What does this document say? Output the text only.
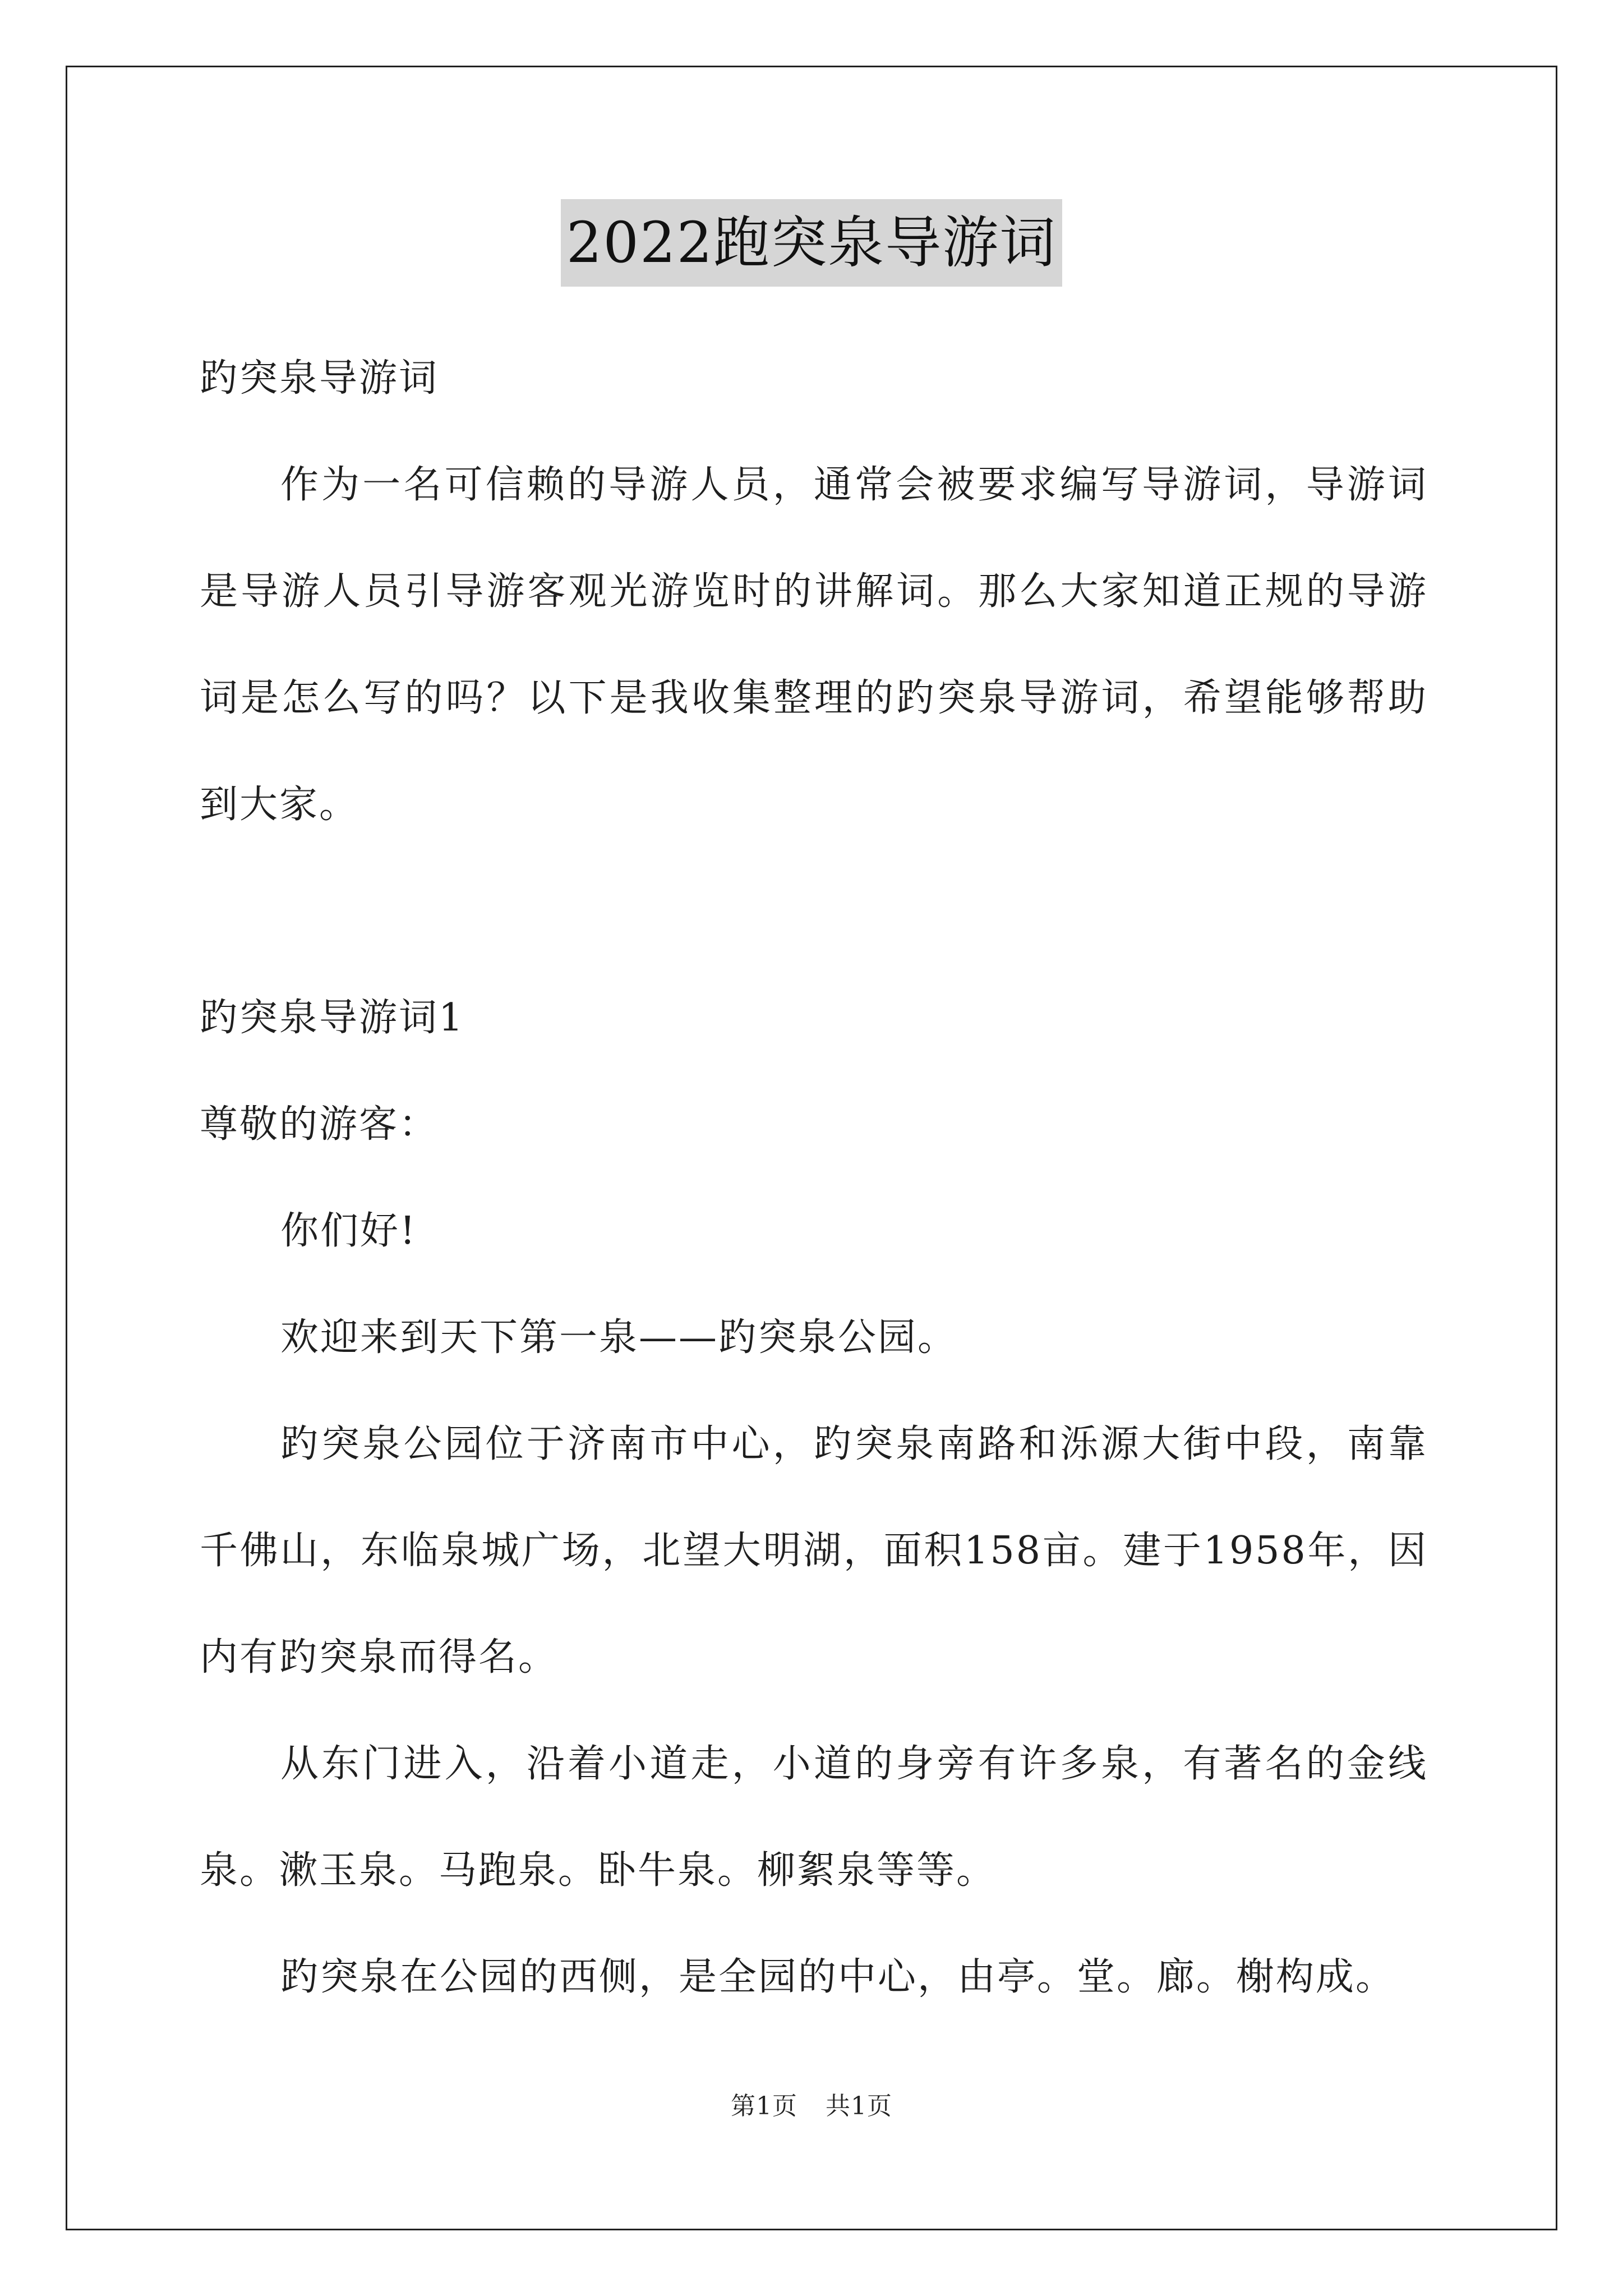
2022跑突泉导游词

趵突泉导游词

作为一名可信赖的导游人员，通常会被要求编写导游词，导游词是导游人员引导游客观光游览时的讲解词。那么大家知道正规的导游词是怎么写的吗？以下是我收集整理的趵突泉导游词，希望能够帮助到大家。

趵突泉导游词1

尊敬的游客：

你们好!

欢迎来到天下第一泉——趵突泉公园。

趵突泉公园位于济南市中心，趵突泉南路和泺源大街中段，南靠千佛山，东临泉城广场，北望大明湖，面积158亩。建于1958年，因内有趵突泉而得名。

从东门进入，沿着小道走，小道的身旁有许多泉，有著名的金线泉。漱玉泉。马跑泉。卧牛泉。柳絮泉等等。

趵突泉在公园的西侧，是全园的中心，由亭。堂。廊。榭构成。

第1页 共1页
